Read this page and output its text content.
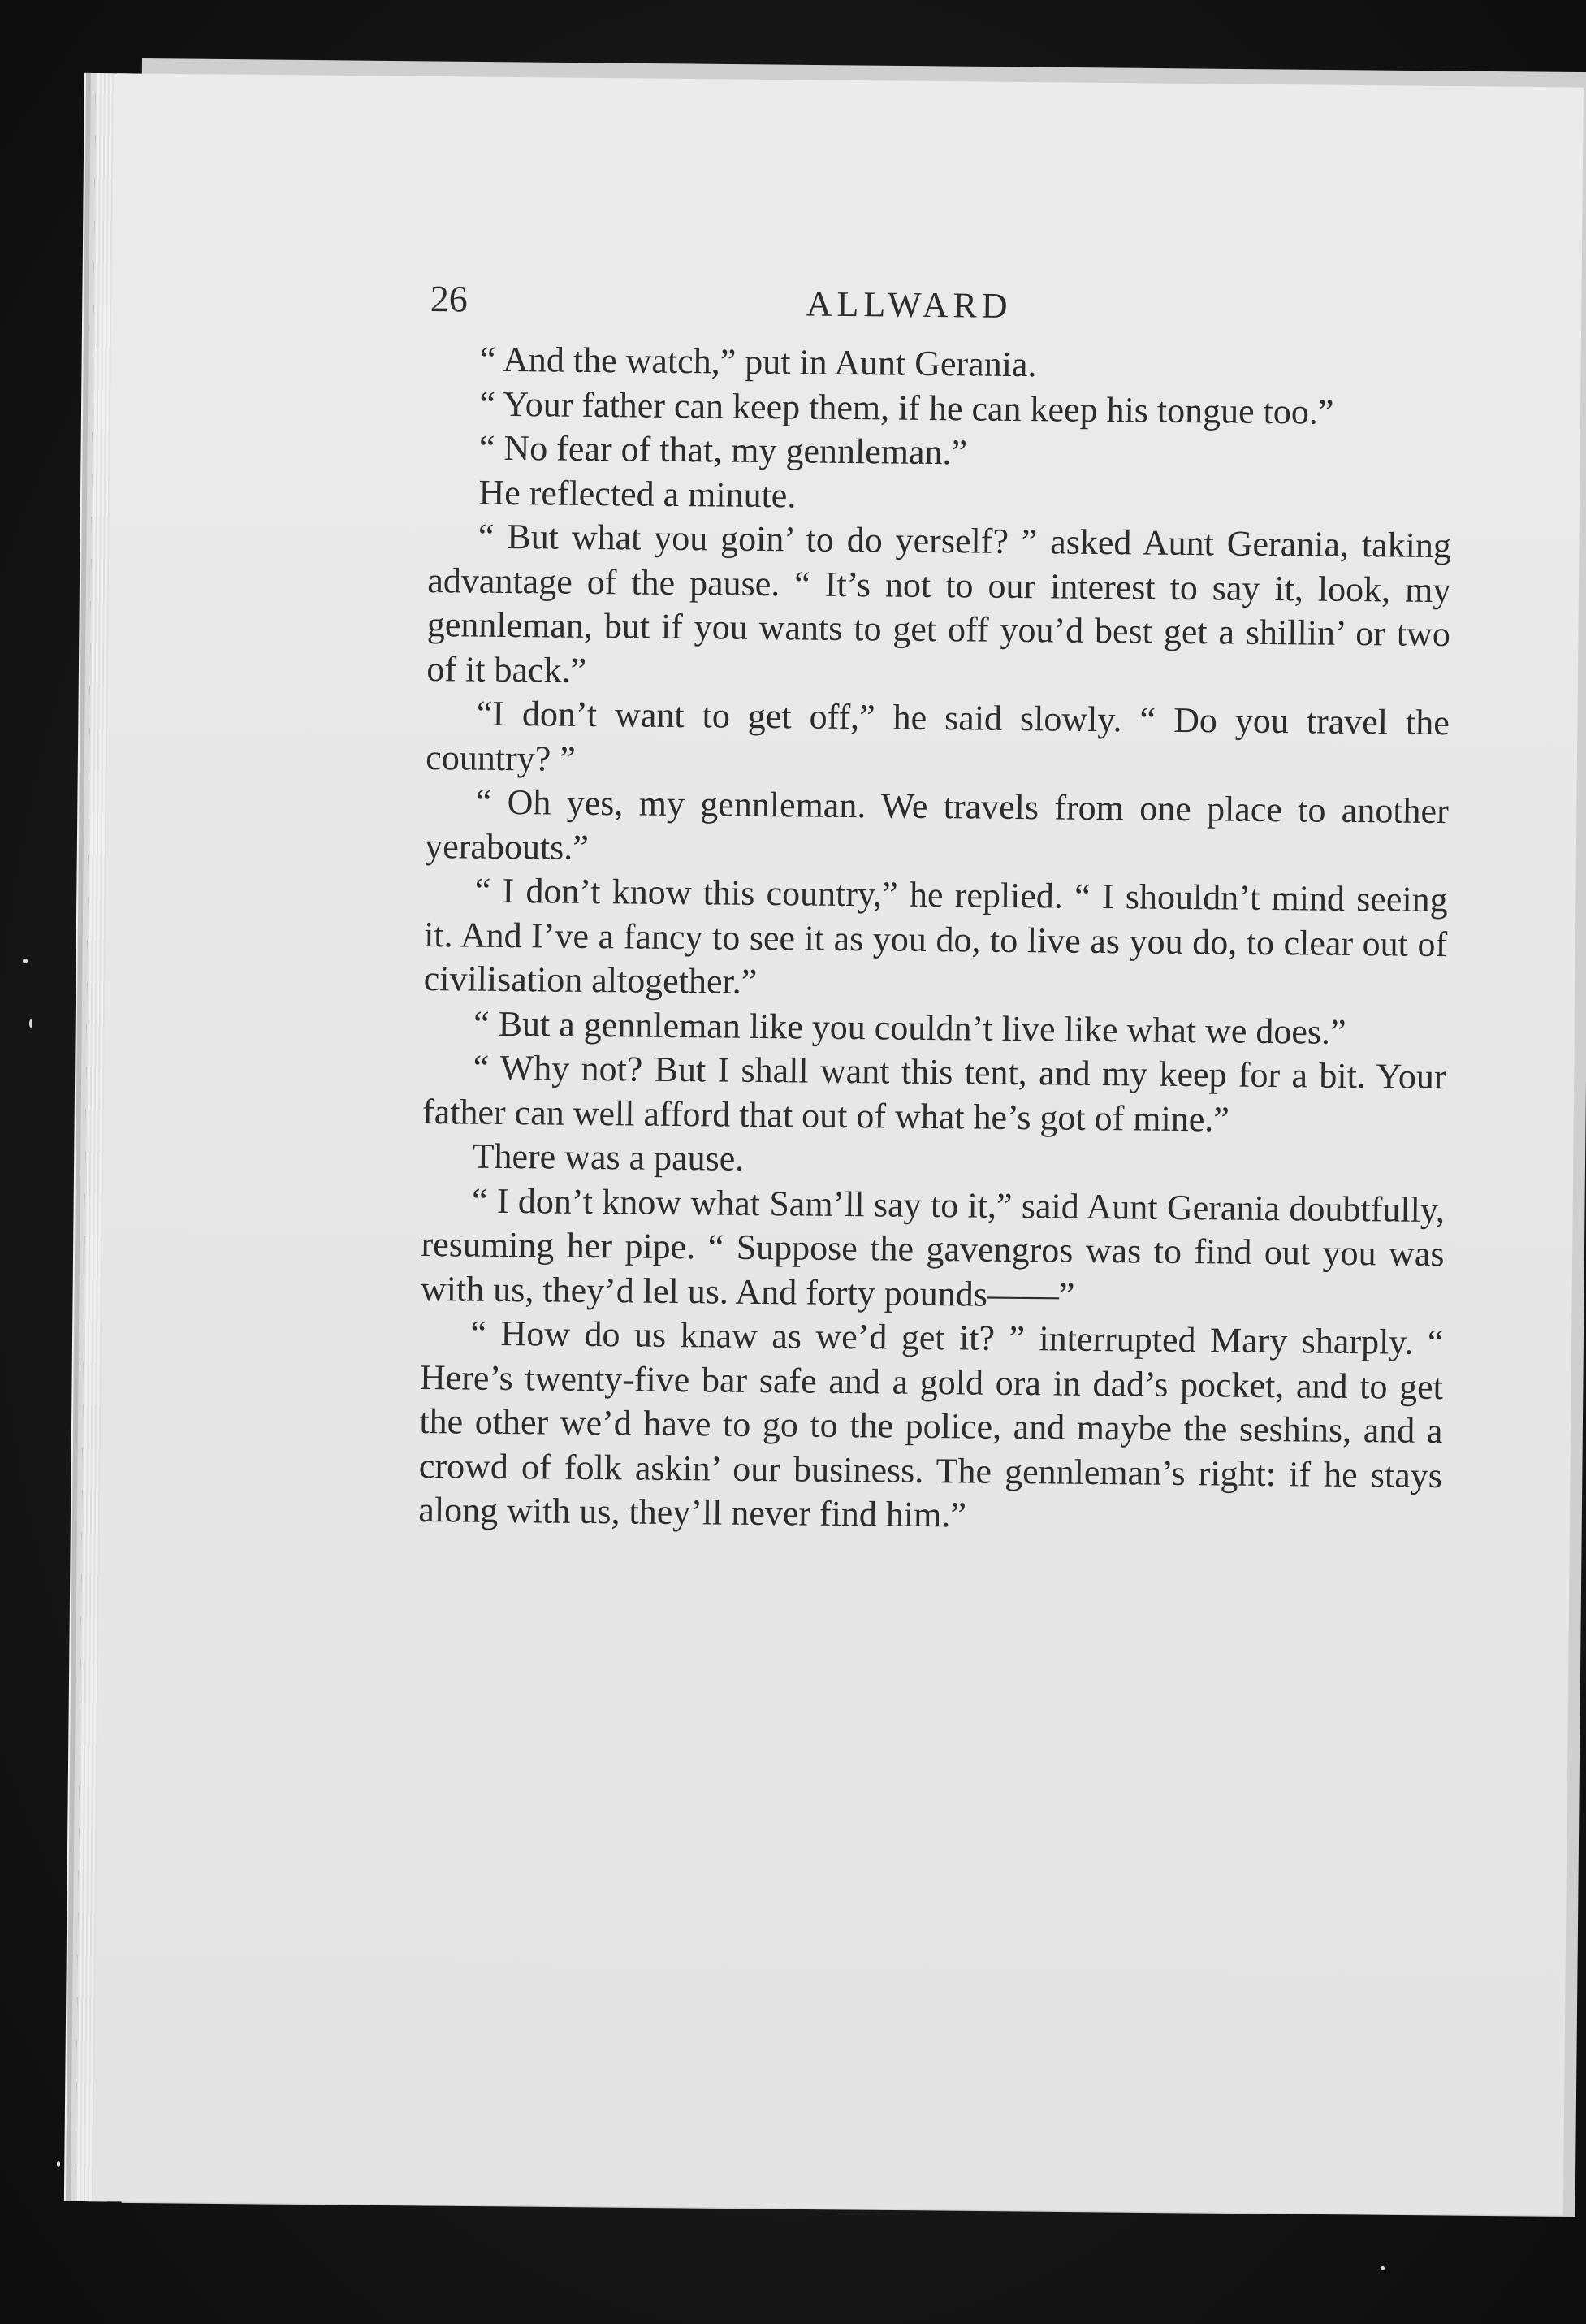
26	ALLWARD

“ And the watch,” put in Aunt Gerania.

“ Your father can keep them, if he can keep his tongue too.”

“ No fear of that, my gennleman.”

He reflected a minute.

“ But what you goin’ to do yerself? ” asked Aunt Gerania, taking advantage of the pause. “ It’s not to our interest to say it, look, my gennleman, but if you wants to get off you’d best get a shillin’ or two of it back.”

“I don’t want to get off,” he said slowly. “ Do you travel the country? ”

“ Oh yes, my gennleman. We travels from one place to another yerabouts.”

“ I don’t know this country,” he replied. “ I shouldn’t mind seeing it. And I’ve a fancy to see it as you do, to live as you do, to clear out of civilisation altogether.”

“ But a gennleman like you couldn’t live like what we does.”

“ Why not? But I shall want this tent, and my keep for a bit. Your father can well afford that out of what he’s got of mine.”

There was a pause.

“ I don’t know what Sam’ll say to it,” said Aunt Gerania doubtfully, resuming her pipe. “ Suppose the gavengros was to find out you was with us, they’d lel us. And forty pounds——”

“ How do us knaw as we’d get it? ” interrupted Mary sharply. “ Here’s twenty-five bar safe and a gold ora in dad’s pocket, and to get the other we’d have to go to the police, and maybe the seshins, and a crowd of folk askin’ our business. The gennleman’s right: if he stays along with us, they’ll never find him.”
